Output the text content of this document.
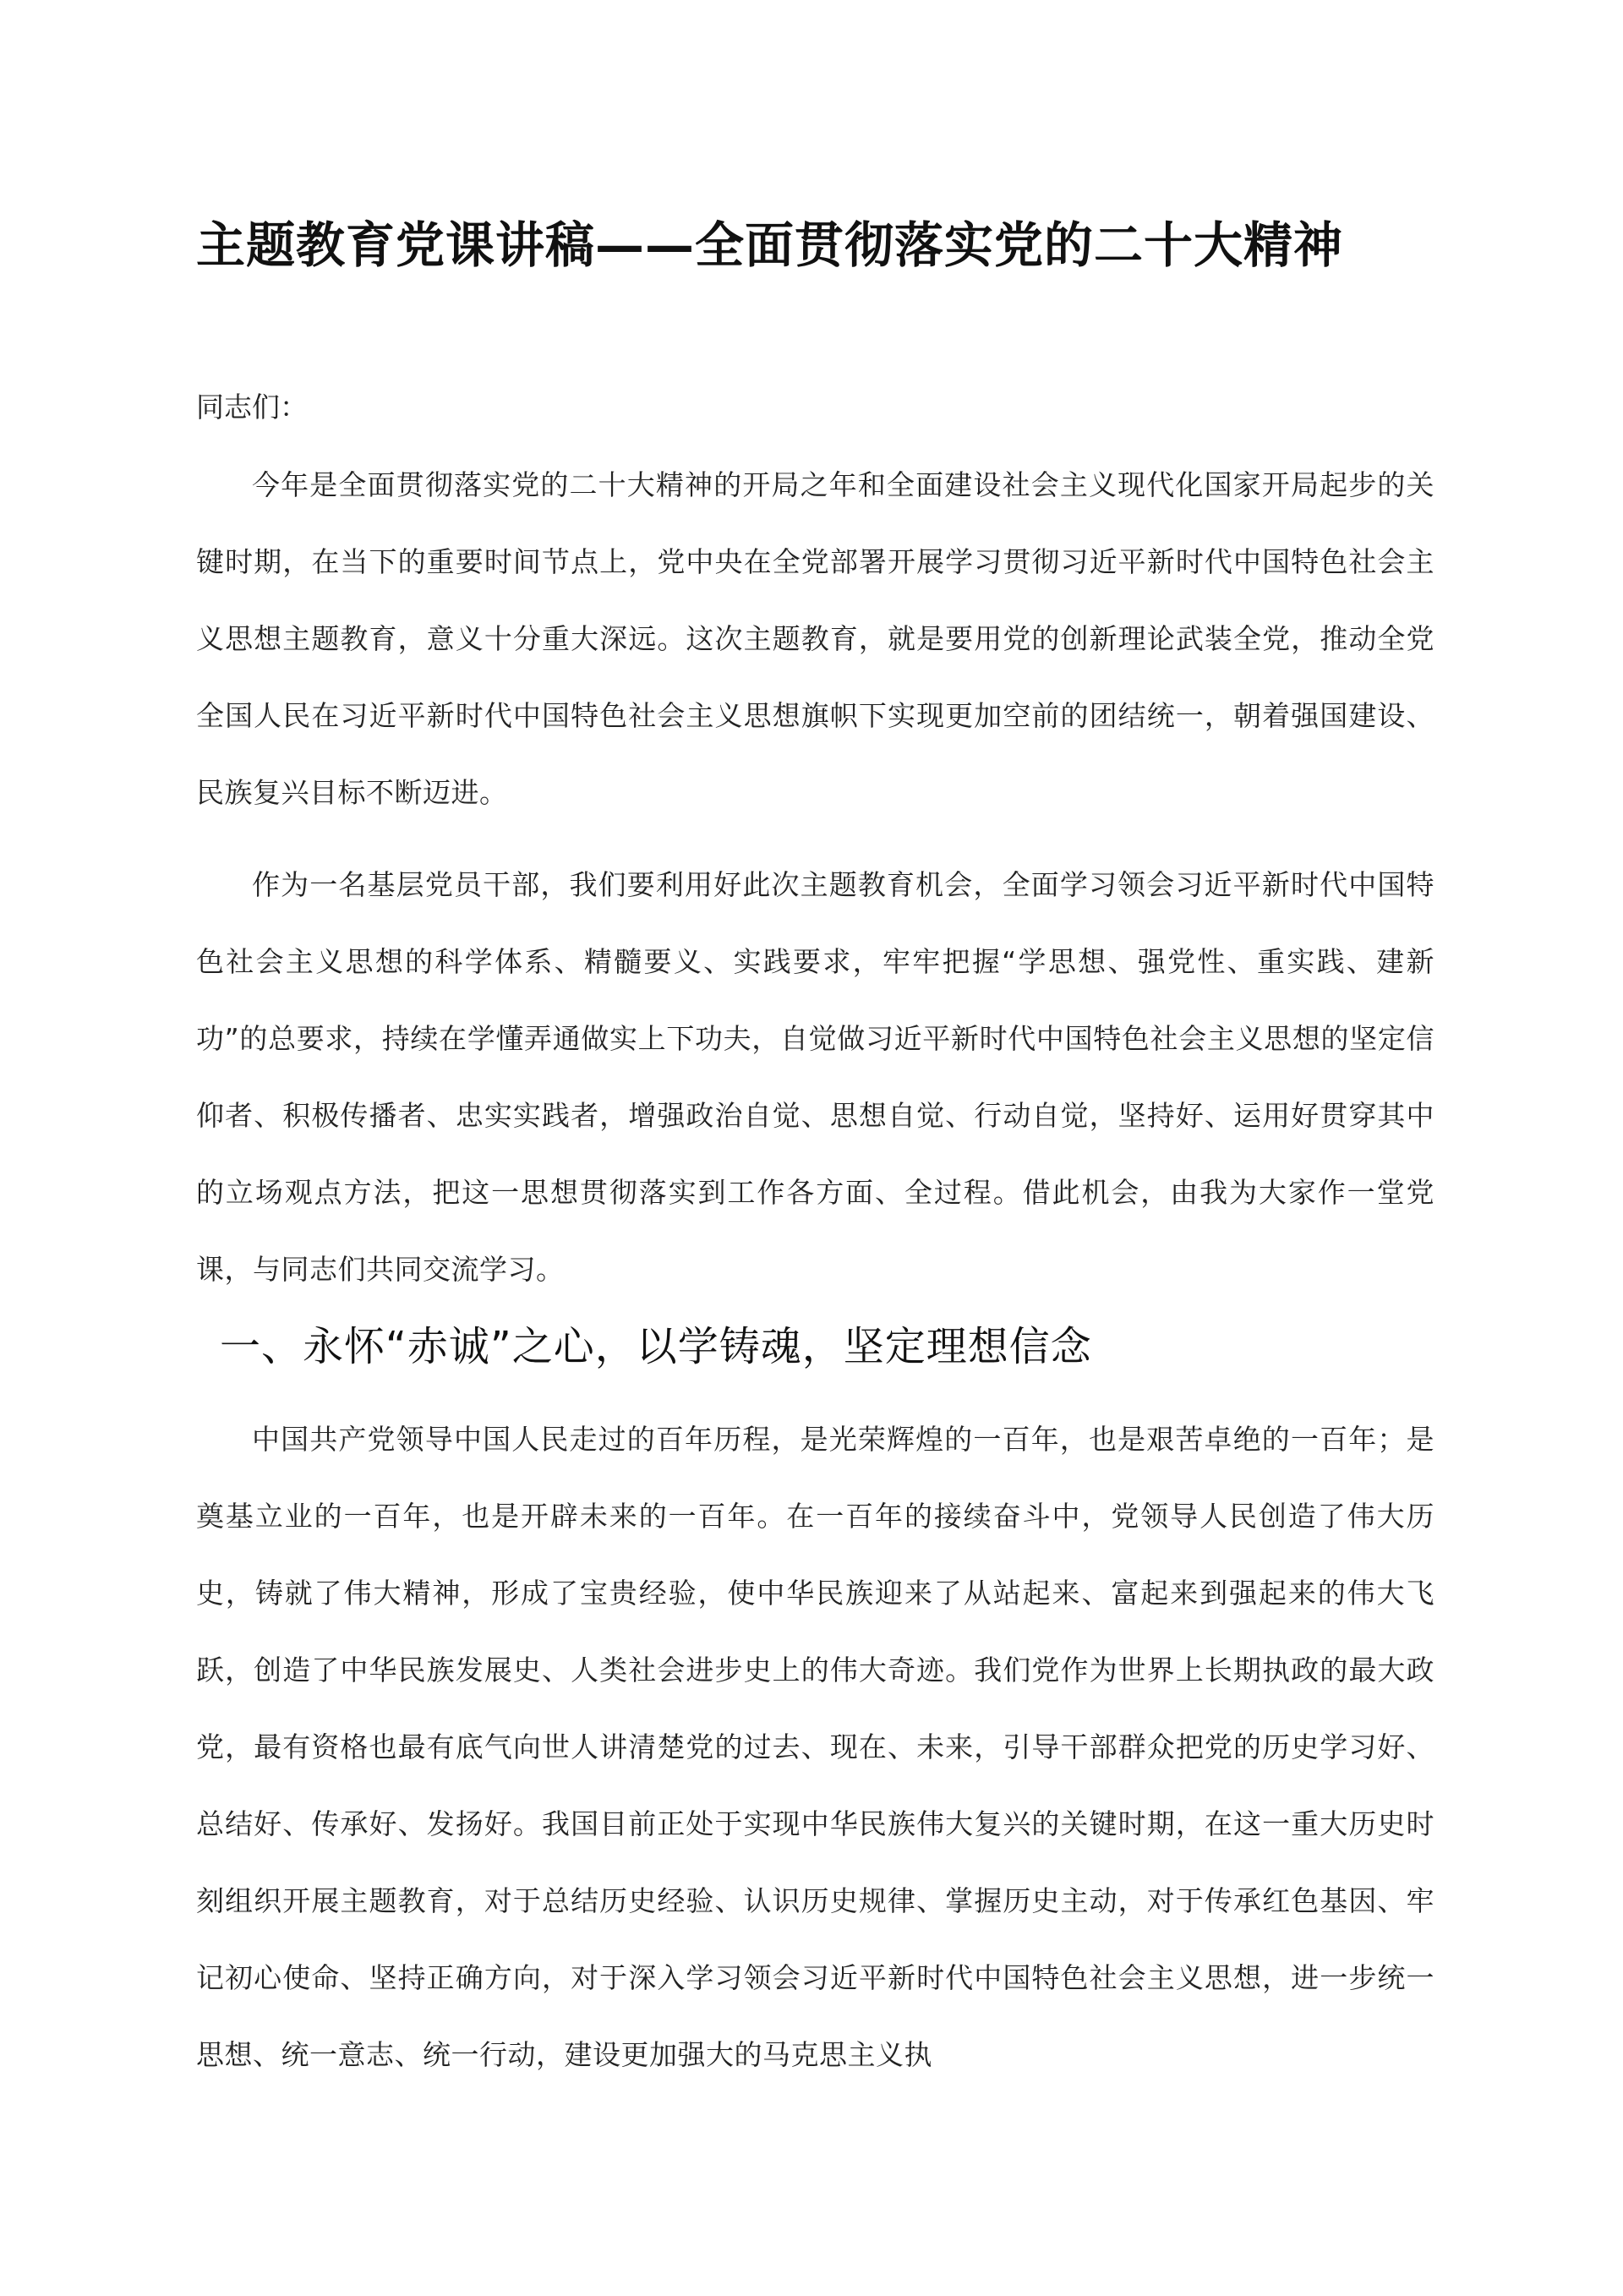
主题教育党课讲稿——全面贯彻落实党的二十大精神

同志们：

今年是全面贯彻落实党的二十大精神的开局之年和全面建设社会主义现代化国家开局起步的关键时期，在当下的重要时间节点上，党中央在全党部署开展学习贯彻习近平新时代中国特色社会主义思想主题教育，意义十分重大深远。这次主题教育，就是要用党的创新理论武装全党，推动全党全国人民在习近平新时代中国特色社会主义思想旗帜下实现更加空前的团结统一，朝着强国建设、民族复兴目标不断迈进。

作为一名基层党员干部，我们要利用好此次主题教育机会，全面学习领会习近平新时代中国特色社会主义思想的科学体系、精髓要义、实践要求，牢牢把握“学思想、强党性、重实践、建新功”的总要求，持续在学懂弄通做实上下功夫，自觉做习近平新时代中国特色社会主义思想的坚定信仰者、积极传播者、忠实实践者，增强政治自觉、思想自觉、行动自觉，坚持好、运用好贯穿其中的立场观点方法，把这一思想贯彻落实到工作各方面、全过程。借此机会，由我为大家作一堂党课，与同志们共同交流学习。

一、永怀“赤诚”之心，以学铸魂，坚定理想信念

中国共产党领导中国人民走过的百年历程，是光荣辉煌的一百年，也是艰苦卓绝的一百年；是奠基立业的一百年，也是开辟未来的一百年。在一百年的接续奋斗中，党领导人民创造了伟大历史，铸就了伟大精神，形成了宝贵经验，使中华民族迎来了从站起来、富起来到强起来的伟大飞跃，创造了中华民族发展史、人类社会进步史上的伟大奇迹。我们党作为世界上长期执政的最大政党，最有资格也最有底气向世人讲清楚党的过去、现在、未来，引导干部群众把党的历史学习好、总结好、传承好、发扬好。我国目前正处于实现中华民族伟大复兴的关键时期，在这一重大历史时刻组织开展主题教育，对于总结历史经验、认识历史规律、掌握历史主动，对于传承红色基因、牢记初心使命、坚持正确方向，对于深入学习领会习近平新时代中国特色社会主义思想，进一步统一思想、统一意志、统一行动，建设更加强大的马克思主义执
